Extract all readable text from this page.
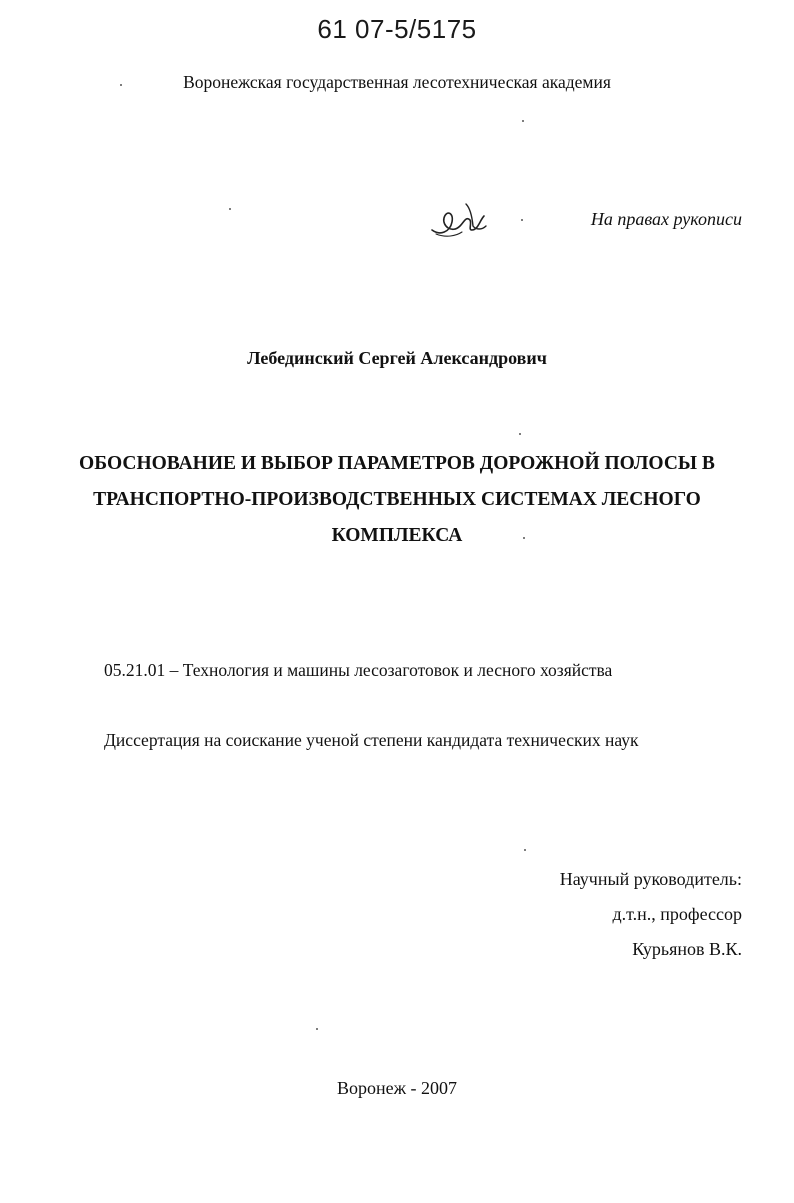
61 07-5/5175
Воронежская государственная лесотехническая академия
На правах рукописи
Лебединский Сергей Александрович
ОБОСНОВАНИЕ И ВЫБОР ПАРАМЕТРОВ ДОРОЖНОЙ ПОЛОСЫ В
ТРАНСПОРТНО-ПРОИЗВОДСТВЕННЫХ СИСТЕМАХ ЛЕСНОГО
КОМПЛЕКСА
05.21.01 – Технология и машины лесозаготовок и лесного хозяйства
Диссертация на соискание ученой степени кандидата технических наук
Научный руководитель:
д.т.н., профессор
Курьянов В.К.
Воронеж - 2007
